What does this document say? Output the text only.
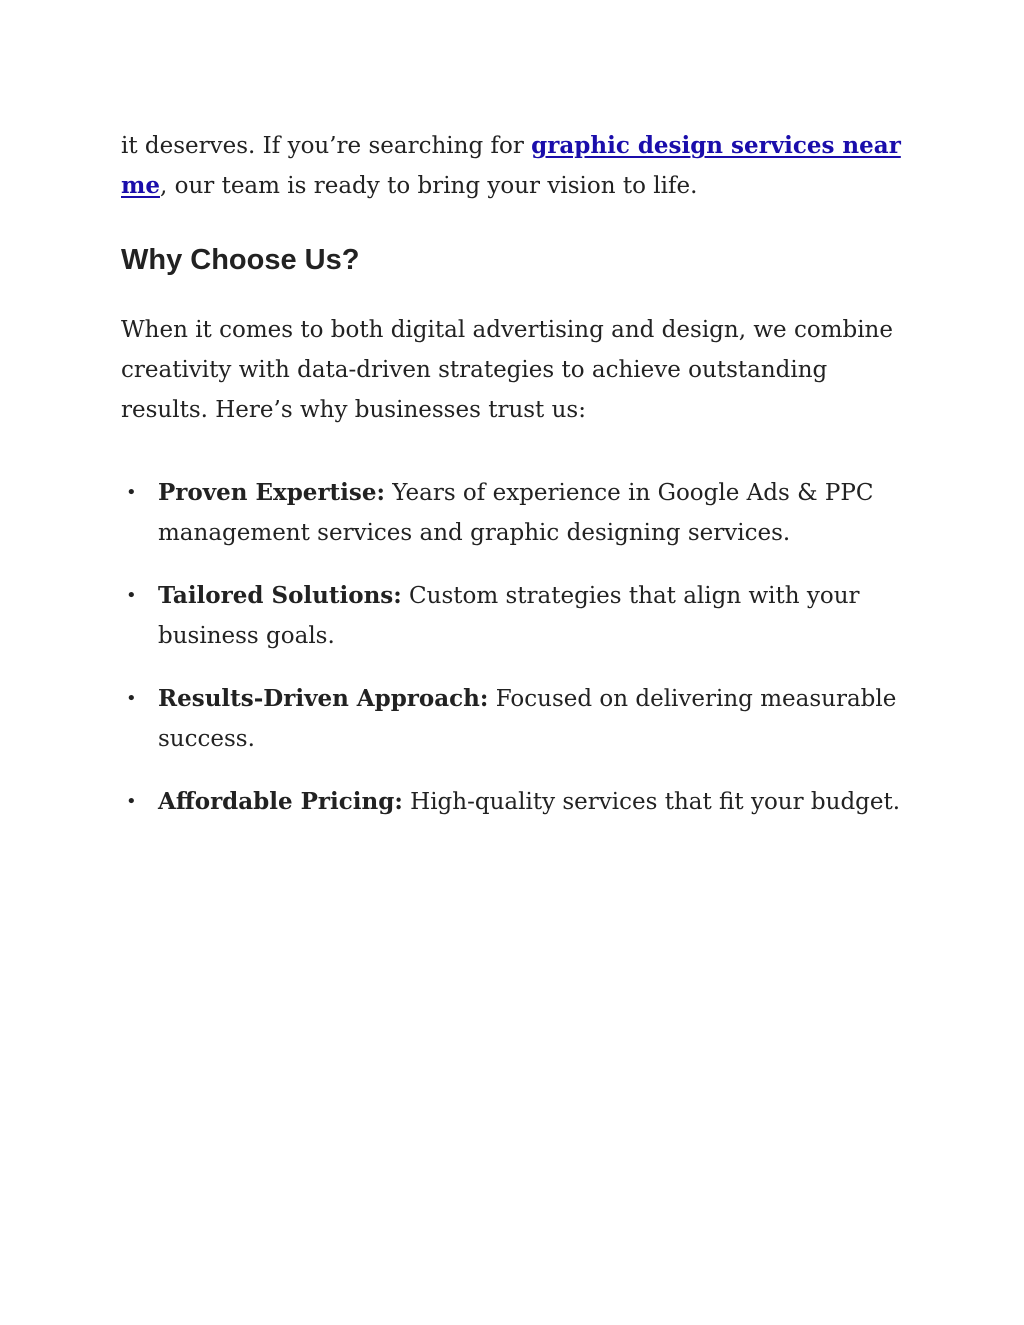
it deserves. If you’re searching for graphic design services near me, our team is ready to bring your vision to life.

Why Choose Us?

When it comes to both digital advertising and design, we combine creativity with data-driven strategies to achieve outstanding results. Here’s why businesses trust us:

• Proven Expertise: Years of experience in Google Ads & PPC management services and graphic designing services.
• Tailored Solutions: Custom strategies that align with your business goals.
• Results-Driven Approach: Focused on delivering measurable success.
• Affordable Pricing: High-quality services that fit your budget.
